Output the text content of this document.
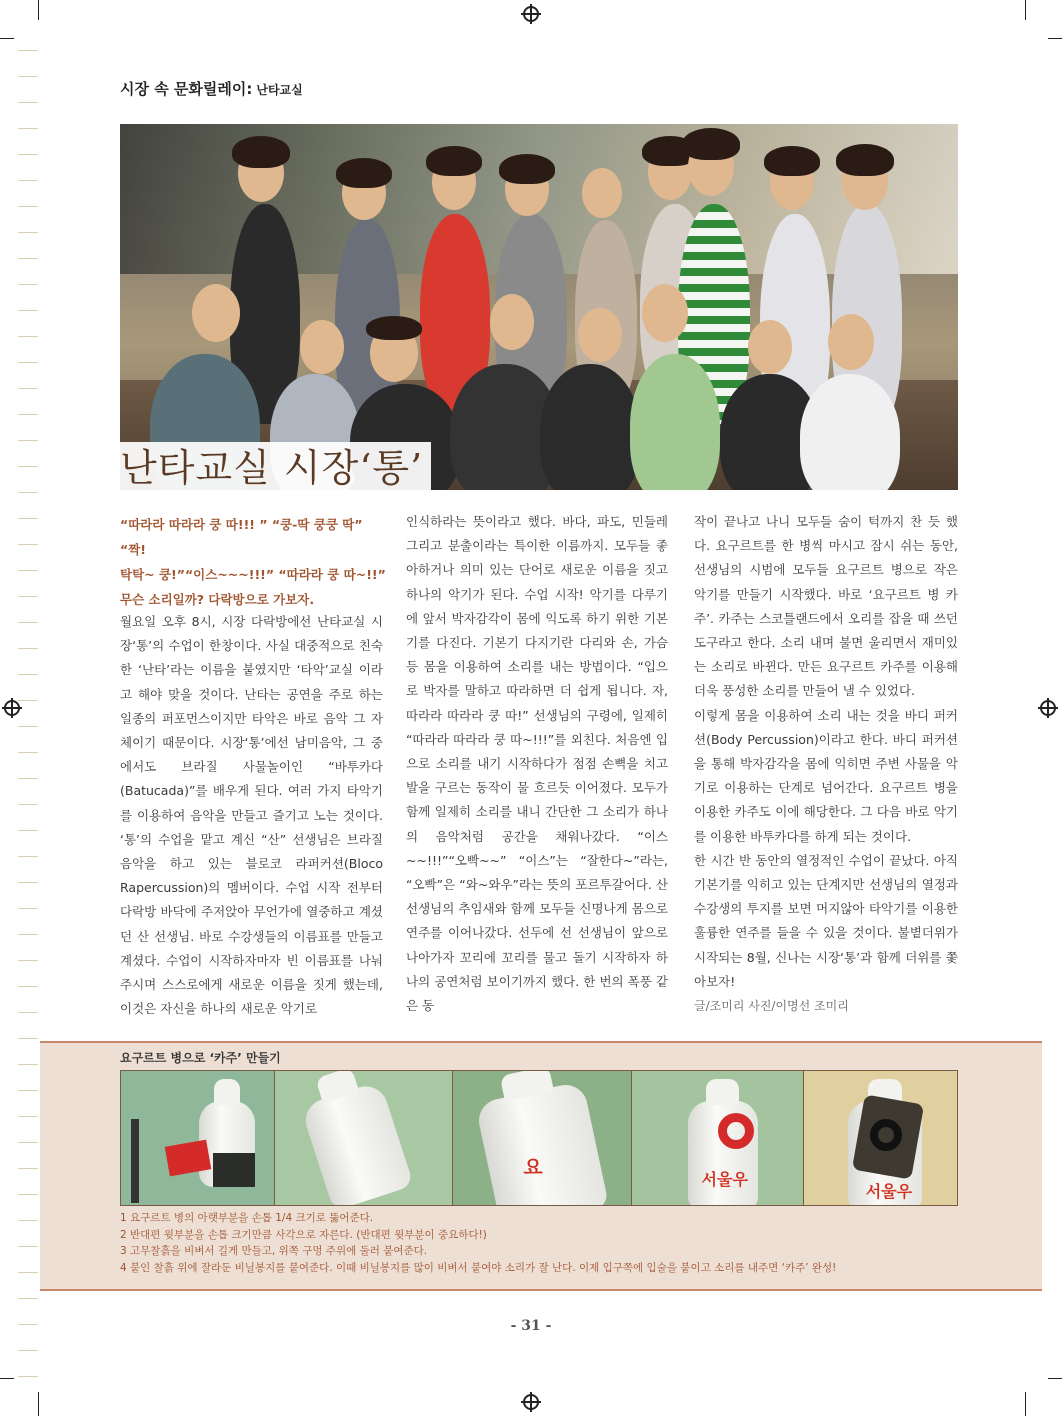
시장 속 문화릴레이: 난타교실
난타교실 시장‘통’
“따라라 따라라 쿵 따!!! ” “쿵-딱 쿵쿵 딱” “짝!
탁탁~ 쿵!”“이스~~~!!!” “따라라 쿵 따~!!”
무슨 소리일까? 다락방으로 가보자.

월요일 오후 8시, 시장 다락방에선 난타교실 시장‘통’의 수업이 한창이다. 사실 대중적으로 친숙한 ‘난타’라는 이름을 붙였지만 ‘타악’교실 이라고 해야 맞을 것이다. 난타는 공연을 주로 하는 일종의 퍼포먼스이지만 타악은 바로 음악 그 자체이기 때문이다. 시장‘통’에선 남미음악, 그 중에서도 브라질 사물놀이인 “바투카다(Batucada)”를 배우게 된다. 여러 가지 타악기를 이용하여 음악을 만들고 즐기고 노는 것이다. ‘통’의 수업을 맡고 계신 “산” 선생님은 브라질 음악을 하고 있는 블로코 라퍼커션(Bloco Rapercussion)의 멤버이다. 수업 시작 전부터 다락방 바닥에 주저앉아 무언가에 열중하고 계셨던 산 선생님. 바로 수강생들의 이름표를 만들고 계셨다. 수업이 시작하자마자 빈 이름표를 나눠주시며 스스로에게 새로운 이름을 짓게 했는데, 이것은 자신을 하나의 새로운 악기로

인식하라는 뜻이라고 했다. 바다, 파도, 민들레 그리고 분출이라는 특이한 이름까지. 모두들 좋아하거나 의미 있는 단어로 새로운 이름을 짓고 하나의 악기가 된다. 수업 시작! 악기를 다루기에 앞서 박자감각이 몸에 익도록 하기 위한 기본기를 다진다. 기본기 다지기란 다리와 손, 가슴 등 몸을 이용하여 소리를 내는 방법이다. “입으로 박자를 말하고 따라하면 더 쉽게 됩니다. 자, 따라라 따라라 쿵 따!” 선생님의 구령에, 일제히 “따라라 따라라 쿵 따~!!!”를 외친다. 처음엔 입으로 소리를 내기 시작하다가 점점 손뼉을 치고 발을 구르는 동작이 물 흐르듯 이어졌다. 모두가 함께 일제히 소리를 내니 간단한 그 소리가 하나의 음악처럼 공간을 채워나갔다. “이스~~!!!”“오빡~~” “이스”는 “잘한다~”라는, “오빡”은 “와~와우”라는 뜻의 포르투갈어다. 산 선생님의 추임새와 함께 모두들 신명나게 몸으로 연주를 이어나갔다. 선두에 선 선생님이 앞으로 나아가자 꼬리에 꼬리를 물고 돌기 시작하자 하나의 공연처럼 보이기까지 했다. 한 번의 폭풍 같은 동

작이 끝나고 나니 모두들 숨이 턱까지 찬 듯 했다. 요구르트를 한 병씩 마시고 잠시 쉬는 동안, 선생님의 시범에 모두들 요구르트 병으로 작은 악기를 만들기 시작했다. 바로 ‘요구르트 병 카주’. 카주는 스코틀랜드에서 오리를 잡을 때 쓰던 도구라고 한다. 소리 내며 불면 울리면서 재미있는 소리로 바뀐다. 만든 요구르트 카주를 이용해 더욱 풍성한 소리를 만들어 낼 수 있었다.

이렇게 몸을 이용하여 소리 내는 것을 바디 퍼커션(Body Percussion)이라고 한다. 바디 퍼커션을 통해 박자감각을 몸에 익히면 주변 사물을 악기로 이용하는 단계로 넘어간다. 요구르트 병을 이용한 카주도 이에 해당한다. 그 다음 바로 악기를 이용한 바투카다를 하게 되는 것이다.

한 시간 반 동안의 열정적인 수업이 끝났다. 아직 기본기를 익히고 있는 단계지만 선생님의 열정과 수강생의 투지를 보면 머지않아 타악기를 이용한 훌륭한 연주를 들을 수 있을 것이다. 불볕더위가 시작되는 8월, 신나는 시장‘통’과 함께 더위를 쫓아보자!

글/조미리 사진/이명선 조미리

요구르트 병으로 ‘카주’ 만들기
요
서울우
서울우
1 요구르트 병의 아랫부분을 손톱 1/4 크기로 뚫어준다.
2 반대편 윗부분을 손톱 크기만큼 사각으로 자른다. (반대편 윗부분이 중요하다!)
3 고무찰흙을 비벼서 길게 만들고, 위쪽 구멍 주위에 둘러 붙여준다.
4 붙인 찰흙 위에 잘라둔 비닐봉지를 붙여준다. 이때 비닐봉지를 많이 비벼서 붙여야 소리가 잘 난다. 이제 입구쪽에 입술을 붙이고 소리를 내주면 ‘카주’ 완성!
- 31 -
